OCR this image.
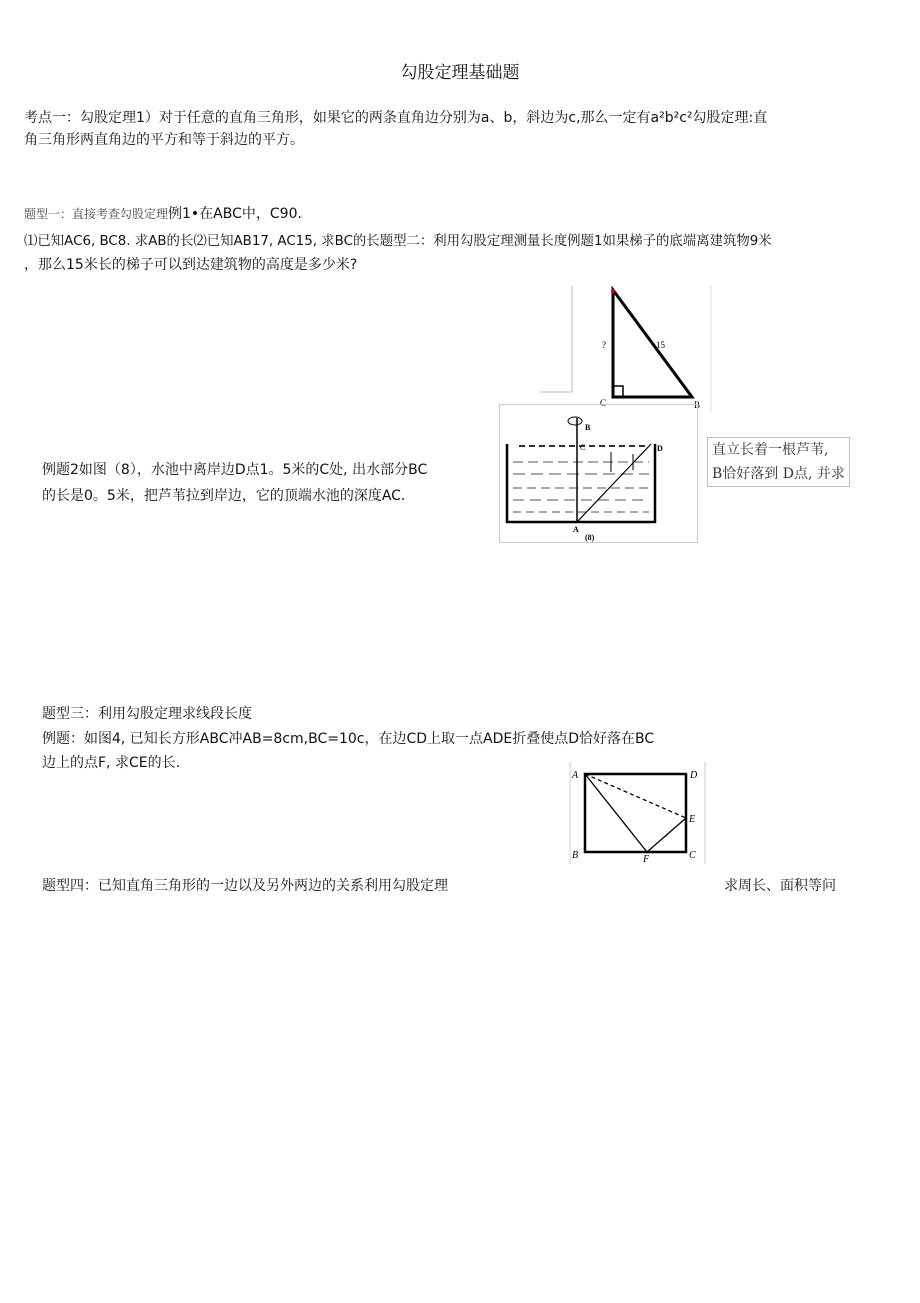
勾股定理基础题
考点一：勾股定理1）对于任意的直角三角形，如果它的两条直角边分别为a、b，斜边为c,那么一定有a²b²c²勾股定理:直
角三角形两直角边的平方和等于斜边的平方。
题型一：直接考查勾股定理例1•在ABC中，C90.
⑴已知AC6, BC8. 求AB的长⑵已知AB17, AC15, 求BC的长题型二：利用勾股定理测量长度例题1如果梯子的底端离建筑物9米
，那么15米长的梯子可以到达建筑物的高度是多少米?
15
?
C	B
例题2如图（8），水池中离岸边D点1。5米的C处, 出水部分BC
的长是0。5米，把芦苇拉到岸边，它的顶端水池的深度AC.
B
C	D
A
(8)
直立长着一根芦苇,
B恰好落到 D点, 并求
题型三：利用勾股定理求线段长度
例题：如图4, 已知长方形ABC冲AB=8cm,BC=10c，在边CD上取一点ADE折叠使点D恰好落在BC
边上的点F, 求CE的长.
A	D
E
B	F	C
题型四：已知直角三角形的一边以及另外两边的关系利用勾股定理	求周长、面积等问
